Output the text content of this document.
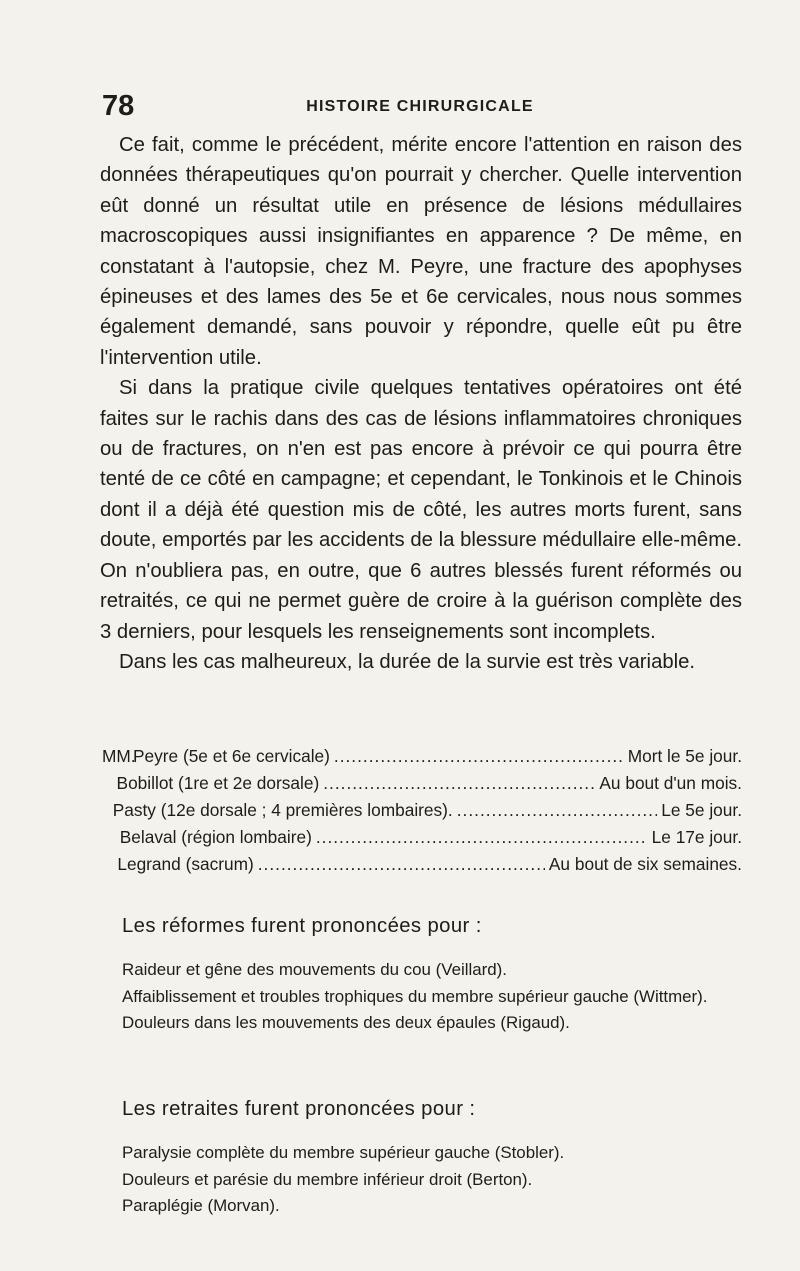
78	HISTOIRE CHIRURGICALE

Ce fait, comme le précédent, mérite encore l'attention en raison des données thérapeutiques qu'on pourrait y chercher. Quelle intervention eût donné un résultat utile en présence de lésions médullaires macroscopiques aussi insignifiantes en apparence ? De même, en constatant à l'autopsie, chez M. Peyre, une fracture des apophyses épineuses et des lames des 5e et 6e cervicales, nous nous sommes également demandé, sans pouvoir y répondre, quelle eût pu être l'intervention utile.

Si dans la pratique civile quelques tentatives opératoires ont été faites sur le rachis dans des cas de lésions inflammatoires chroniques ou de fractures, on n'en est pas encore à prévoir ce qui pourra être tenté de ce côté en campagne; et cependant, le Tonkinois et le Chinois dont il a déjà été question mis de côté, les autres morts furent, sans doute, emportés par les accidents de la blessure médullaire elle-même. On n'oubliera pas, en outre, que 6 autres blessés furent réformés ou retraités, ce qui ne permet guère de croire à la guérison complète des 3 derniers, pour lesquels les renseignements sont incomplets.

Dans les cas malheureux, la durée de la survie est très variable.

MM.
Peyre (5e et 6e cervicale) .....	Mort le 5e jour.
Bobillot (1re et 2e dorsale) .....	Au bout d'un mois.
Pasty (12e dorsale ; 4 premières lombaires). .....	Le 5e jour.
Belaval (région lombaire) .....	Le 17e jour.
Legrand (sacrum) .....	Au bout de six semaines.
Les réformes furent prononcées pour :

Raideur et gêne des mouvements du cou (Veillard).

Affaiblissement et troubles trophiques du membre supérieur gauche (Wittmer).

Douleurs dans les mouvements des deux épaules (Rigaud).

Les retraites furent prononcées pour :

Paralysie complète du membre supérieur gauche (Stobler).

Douleurs et parésie du membre inférieur droit (Berton).

Paraplégie (Morvan).
